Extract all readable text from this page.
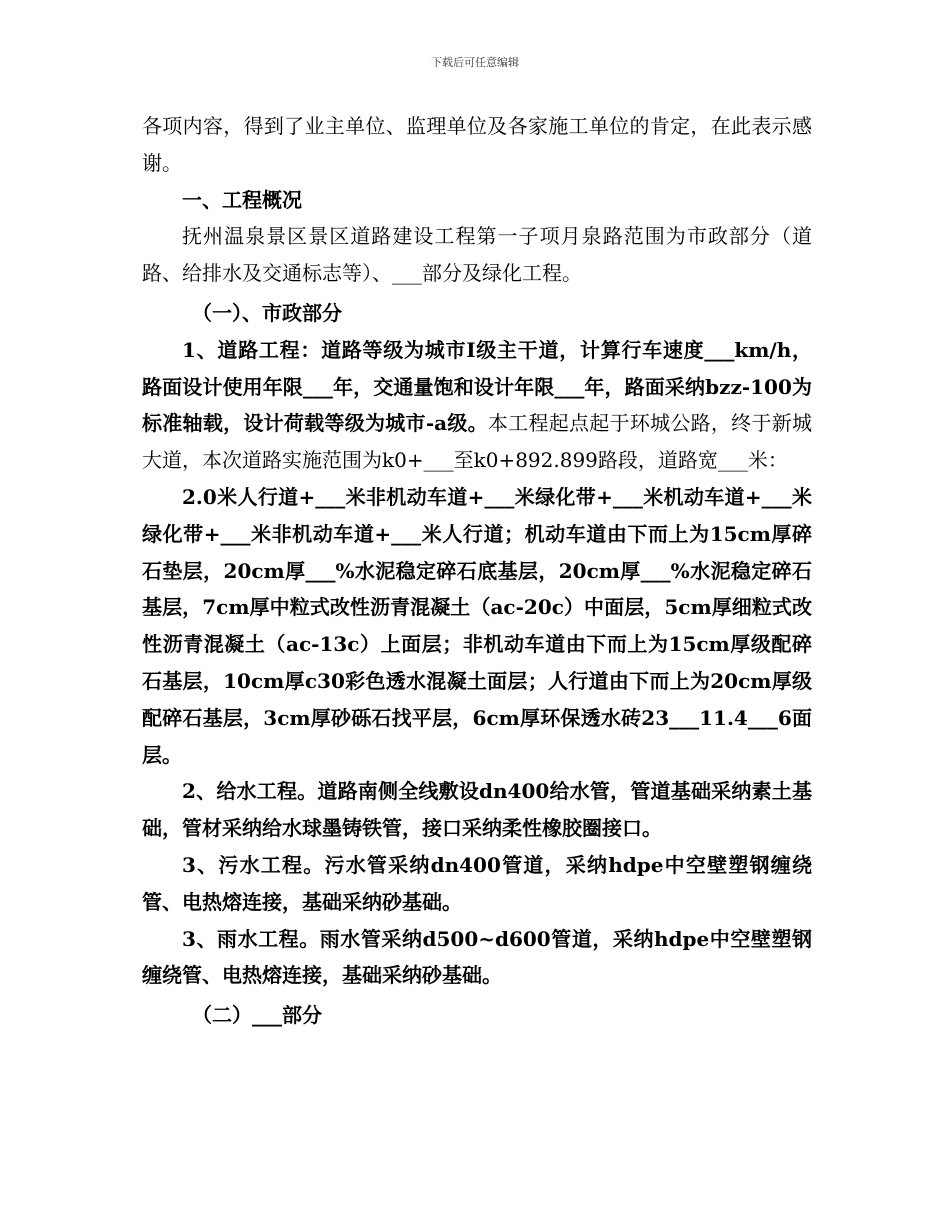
下载后可任意编辑

各项内容，得到了业主单位、监理单位及各家施工单位的肯定，在此表示感谢。

一、工程概况

抚州温泉景区景区道路建设工程第一子项月泉路范围为市政部分（道路、给排水及交通标志等）、___部分及绿化工程。

（一）、市政部分

1、道路工程：道路等级为城市Ⅰ级主干道，计算行车速度___km/h，路面设计使用年限___年，交通量饱和设计年限___年，路面采纳bzz-100为标准轴载，设计荷载等级为城市-a级。本工程起点起于环城公路，终于新城大道，本次道路实施范围为k0+___至k0+892.899路段，道路宽___米：

2.0米人行道+___米非机动车道+___米绿化带+___米机动车道+___米绿化带+___米非机动车道+___米人行道；机动车道由下而上为15cm厚碎石垫层，20cm厚___%水泥稳定碎石底基层，20cm厚___%水泥稳定碎石基层，7cm厚中粒式改性沥青混凝土（ac-20c）中面层，5cm厚细粒式改性沥青混凝土（ac-13c）上面层；非机动车道由下而上为15cm厚级配碎石基层，10cm厚c30彩色透水混凝土面层；人行道由下而上为20cm厚级配碎石基层，3cm厚砂砾石找平层，6cm厚环保透水砖23___11.4___6面层。

2、给水工程。道路南侧全线敷设dn400给水管，管道基础采纳素土基础，管材采纳给水球墨铸铁管，接口采纳柔性橡胶圈接口。

3、污水工程。污水管采纳dn400管道，采纳hdpe中空壁塑钢缠绕管、电热熔连接，基础采纳砂基础。

3、雨水工程。雨水管采纳d500~d600管道，采纳hdpe中空壁塑钢缠绕管、电热熔连接，基础采纳砂基础。

（二）___部分
